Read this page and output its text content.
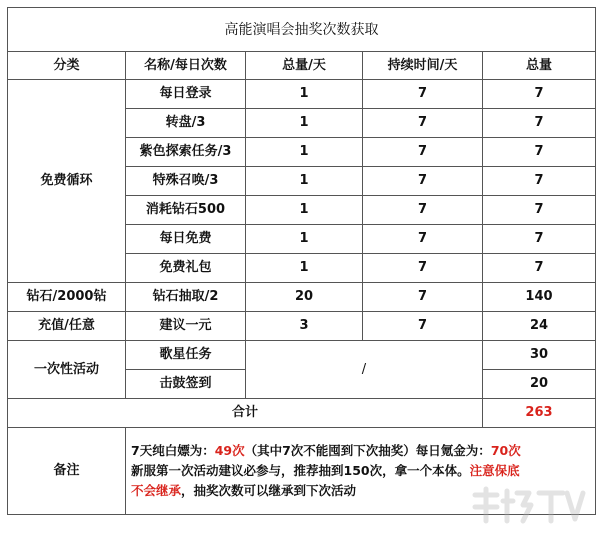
高能演唱会抽奖次数获取				
分类	名称/每日次数	总量/天	持续时间/天	总量
免费循环	每日登录	1	7	7
	转盘/3	1	7	7
	紫色探索任务/3	1	7	7
	特殊召唤/3	1	7	7
	消耗钻石500	1	7	7
	每日免费	1	7	7
	免费礼包	1	7	7
钻石/2000钻	钻石抽取/2	20	7	140
充值/任意	建议一元	3	7	24
一次性活动	歌星任务	/		30
	击鼓签到			20
合计				263
备注	7天纯白嫖为：49次（其中7次不能囤到下次抽奖）每日氪金为：70次
新服第一次活动建议必参与，推荐抽到150次，拿一个本体。注意保底
不会继承，抽奖次数可以继承到下次活动			
